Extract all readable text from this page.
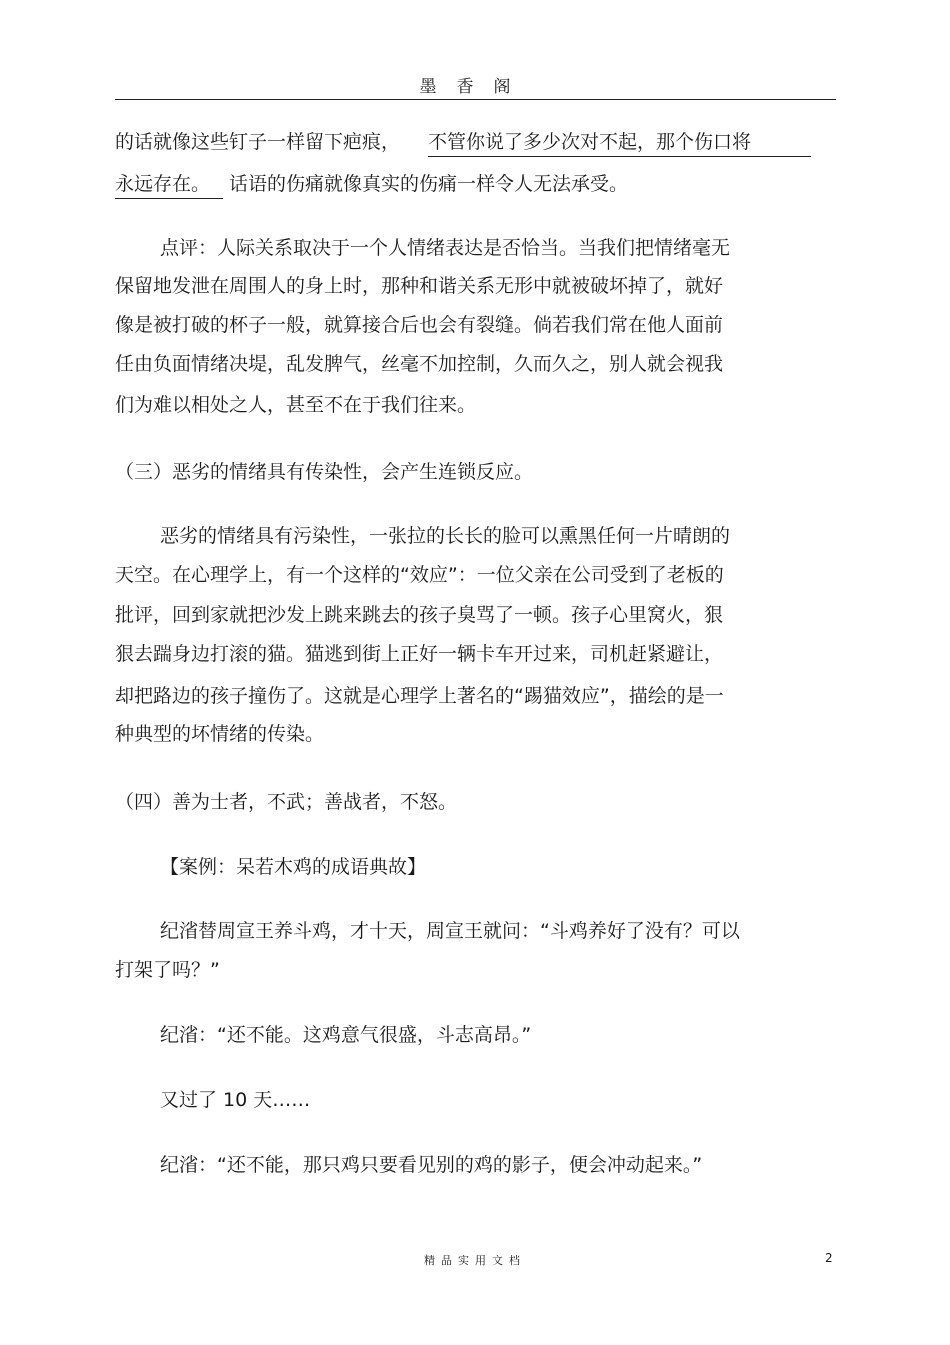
墨香阁
的话就像这些钉子一样留下疤痕， 不管你说了多少次对不起，那个伤口将
永远存在。 话语的伤痛就像真实的伤痛一样令人无法承受。
点评：人际关系取决于一个人情绪表达是否恰当。当我们把情绪毫无
保留地发泄在周围人的身上时，那种和谐关系无形中就被破坏掉了，就好
像是被打破的杯子一般，就算接合后也会有裂缝。倘若我们常在他人面前
任由负面情绪决堤，乱发脾气，丝毫不加控制，久而久之，别人就会视我
们为难以相处之人，甚至不在于我们往来。
（三）恶劣的情绪具有传染性，会产生连锁反应。
恶劣的情绪具有污染性，一张拉的长长的脸可以熏黑任何一片晴朗的
天空。在心理学上，有一个这样的“效应”：一位父亲在公司受到了老板的
批评，回到家就把沙发上跳来跳去的孩子臭骂了一顿。孩子心里窝火，狠
狠去踹身边打滚的猫。猫逃到街上正好一辆卡车开过来，司机赶紧避让，
却把路边的孩子撞伤了。这就是心理学上著名的“踢猫效应”，描绘的是一
种典型的坏情绪的传染。
（四）善为士者，不武；善战者，不怒。
【案例：呆若木鸡的成语典故】
纪渻替周宣王养斗鸡，才十天，周宣王就问：“斗鸡养好了没有？可以
打架了吗？”
纪渻：“还不能。这鸡意气很盛，斗志高昂。”
又过了 10 天……
纪渻：“还不能，那只鸡只要看见别的鸡的影子，便会冲动起来。”
精品实用文档	2
